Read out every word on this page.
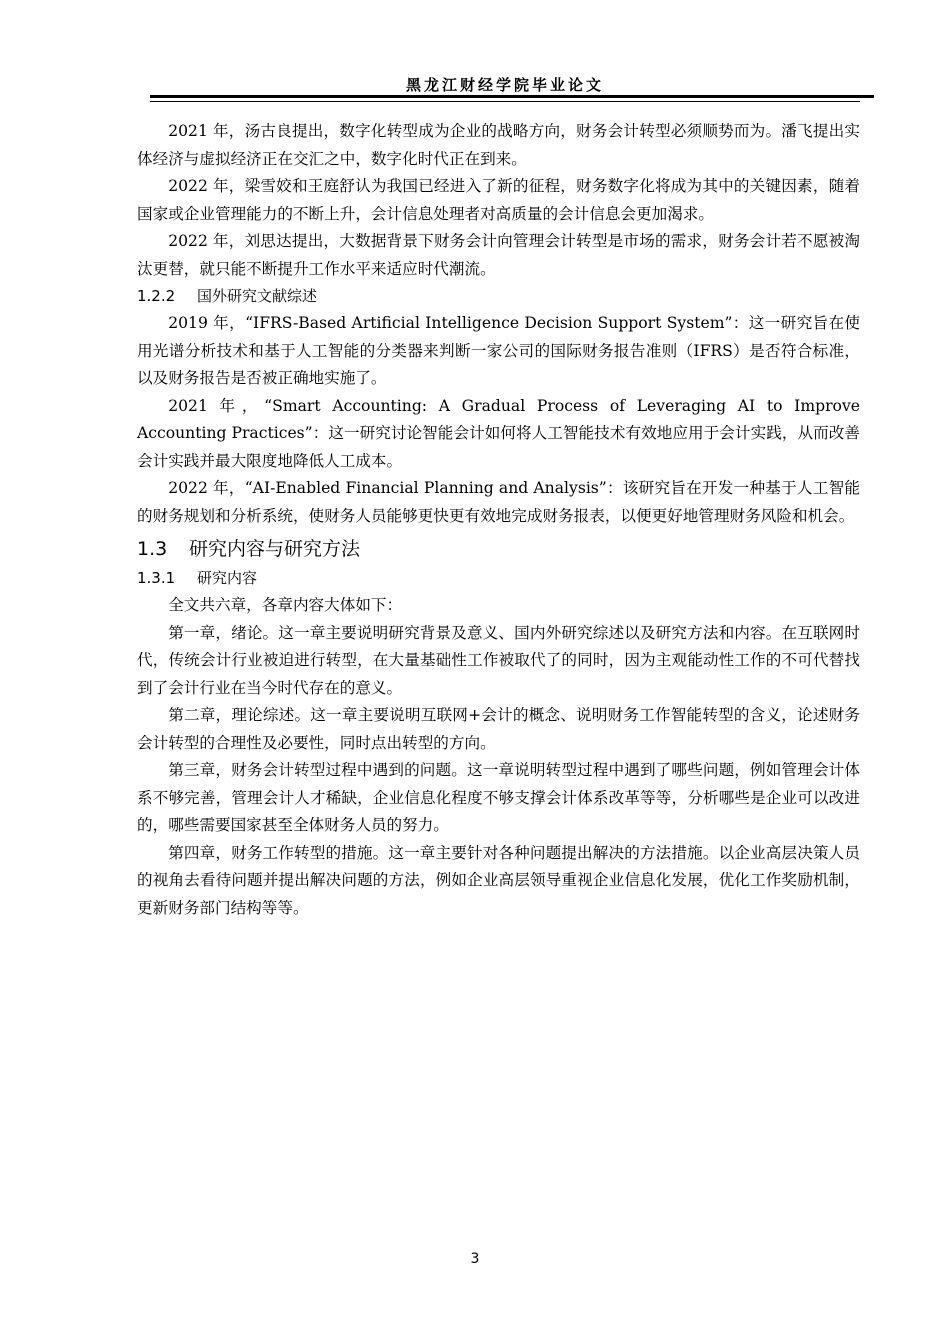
黑龙江财经学院毕业论文

2021 年，汤古良提出，数字化转型成为企业的战略方向，财务会计转型必须顺势而为。潘飞提出实体经济与虚拟经济正在交汇之中，数字化时代正在到来。

2022 年，梁雪姣和王庭舒认为我国已经进入了新的征程，财务数字化将成为其中的关键因素，随着国家或企业管理能力的不断上升，会计信息处理者对高质量的会计信息会更加渴求。

2022 年，刘思达提出，大数据背景下财务会计向管理会计转型是市场的需求，财务会计若不愿被淘汰更替，就只能不断提升工作水平来适应时代潮流。

1.2.2 国外研究文献综述

2019 年，“IFRS-Based Artificial Intelligence Decision Support System”：这一研究旨在使用光谱分析技术和基于人工智能的分类器来判断一家公司的国际财务报告准则（IFRS）是否符合标准，以及财务报告是否被正确地实施了。

2021 年，“Smart Accounting: A Gradual Process of Leveraging AI to Improve Accounting Practices”：这一研究讨论智能会计如何将人工智能技术有效地应用于会计实践，从而改善会计实践并最大限度地降低人工成本。

2022 年，“AI-Enabled Financial Planning and Analysis”：该研究旨在开发一种基于人工智能的财务规划和分析系统，使财务人员能够更快更有效地完成财务报表，以便更好地管理财务风险和机会。

1.3 研究内容与研究方法
1.3.1 研究内容

全文共六章，各章内容大体如下：

第一章，绪论。这一章主要说明研究背景及意义、国内外研究综述以及研究方法和内容。在互联网时代，传统会计行业被迫进行转型，在大量基础性工作被取代了的同时，因为主观能动性工作的不可代替找到了会计行业在当今时代存在的意义。

第二章，理论综述。这一章主要说明互联网+会计的概念、说明财务工作智能转型的含义，论述财务会计转型的合理性及必要性，同时点出转型的方向。

第三章，财务会计转型过程中遇到的问题。这一章说明转型过程中遇到了哪些问题，例如管理会计体系不够完善，管理会计人才稀缺，企业信息化程度不够支撑会计体系改革等等，分析哪些是企业可以改进的，哪些需要国家甚至全体财务人员的努力。

第四章，财务工作转型的措施。这一章主要针对各种问题提出解决的方法措施。以企业高层决策人员的视角去看待问题并提出解决问题的方法，例如企业高层领导重视企业信息化发展，优化工作奖励机制，更新财务部门结构等等。

3
